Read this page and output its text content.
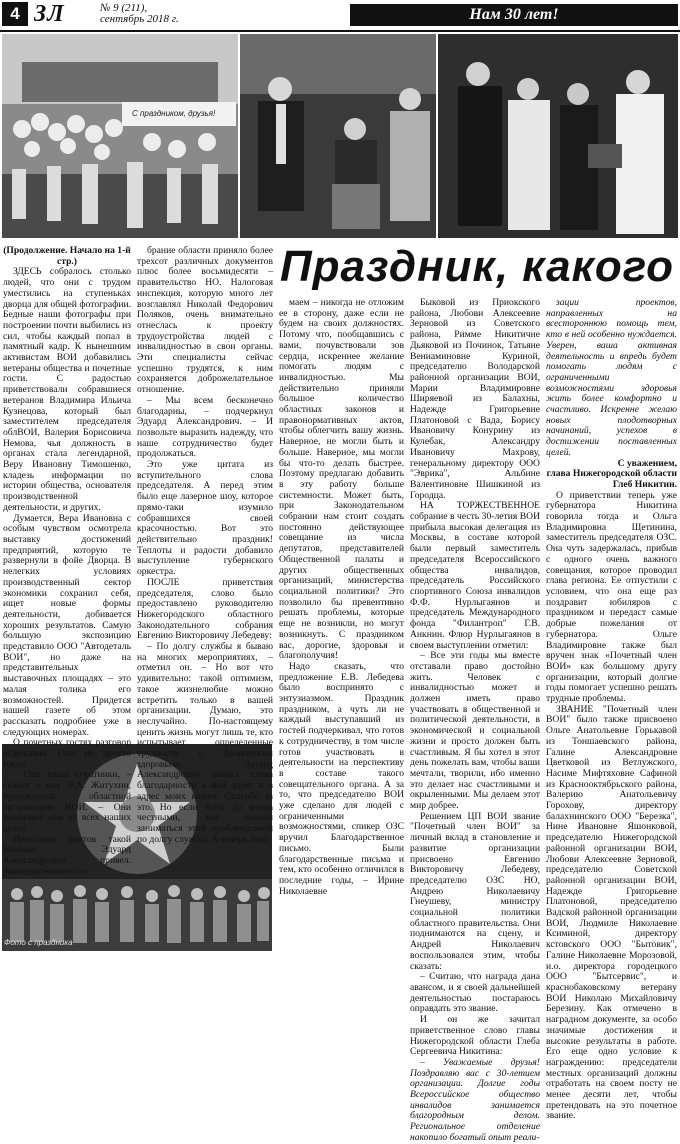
4 ЗЛ	№ 9 (211),
сентябрь 2018 г.	Нам 30 лет!
С праздником, друзья!
Праздник, какого

(Продолжение. Начало на 1-й стр.)

ЗДЕСЬ собралось столько людей, что они с трудом уместились на ступеньках дворца для общей фотографии. Бедные наши фотографы при построении почти выбились из сил, чтобы каждый попал в памятный кадр. К нынешним активистам ВОИ добавились ветераны общества и почетные гости. С радостью приветствовали собравшиеся ветеранов Владимира Ильича Кузнецова, который был заместителем председателя облВОИ, Валерия Борисовича Немова, чья должность в органах стала легендарной, Веру Ивановну Тимошенко, кладезь информации по истории общества, основателя производственной деятельности, и других.

Думается, Вера Ивановна с особым чувством осмотрела выставку достижений предприятий, которую те развернули в фойе Дворца. В нелегких условиях производственный сектор экономики сохранил себя, ищет новые формы деятельности, добивается хороших результатов. Самую большую экспозицию представило ООО "Автодеталь ВОИ", но даже на представительных выставочных площадях – это малая толика его возможностей. Придется нашей газете об этом рассказать подробнее уже в следующих номерах.

О почетных гостях разговор отдельный. Они не просто гости.

– Они наши соратники, – сказал о них Э.А. Житухин, председатель областной организации ВОИ. – Они помогают нам во всех наших делах.

Несколько фактов такой помощи Эдуард Александрович привел. Законодательное со-

брание области приняло более трехсот различных документов плюс более восьмидесяти – правительство НО. Налоговая инспекция, которую много лет возглавлял Николай Федорович Поляков, очень внимательно отнеслась к проекту трудоустройства людей с инвалидностью в свои органы. Эти специалисты сейчас успешно трудятся, к ним сохраняется доброжелательное отношение.

– Мы всем бесконечно благодарны, – подчеркнул Эдуард Александрович. – И позвольте выразить надежду, что наше сотрудничество будет продолжаться.

Это уже цитата из вступительного слова председателя. А перед этим было еще лазерное шоу, которое прямо-таки изумило собравшихся своей красочностью. Вот это действительно праздник! Теплоты и радости добавило выступление губернского оркестра.

ПОСЛЕ приветствия председателя, слово было предоставлено руководителю Нижегородского областного Законодательного собрания Евгению Викторовичу Лебедеву:

– По долгу службы я бываю на многих мероприятиях, – отметил он. – Но вот что удивительно: такой оптимизм, такое жизнелюбие можно встретить только в вашей организации. Думаю, это неслучайно. По-настоящему ценить жизнь могут лишь те, кто испытывает определенные трудности с физическим здоровьем. Эдуард Александрович сказал слова благодарности в мой адрес и в адрес моих коллег. Спасибо за это. Но если быть до конца честными, мы начали заниматься этой проблематикой по долгу службы. А теперь поні-

маем – никогда не отложим ее в сторону, даже если не будем на своих должностях. Потому что, пообщавшись с вами, почувствовали зов сердца, искреннее желание помогать людям с инвалидностью. Мы действительно приняли большое количество областных законов и правонормативных актов, чтобы облегчить вашу жизнь. Наверное, не могли быть и больше. Наверное, мы могли бы что-то делать быстрее. Поэтому предлагаю добавить в эту работу больше системности. Может быть, при Законодательном собрании нам стоит создать постоянно действующее совещание из числа депутатов, представителей Общественной палаты и других общественных организаций, министерства социальной политики? Это позволило бы превентивно решать проблемы, которые еще не возникли, но могут возникнуть. С праздником вас, дорогие, здоровья и благополучия!

Надо сказать, что предложение Е.В. Лебедева было воспринято с энтузиазмом. Праздник праздником, а чуть ли не каждый выступавший из гостей подчеркивал, что готов к сотрудничеству, в том числе готов участвовать в деятельности на перспективу в составе такого совещательного органа. А за то, что председателю ВОИ уже сделано для людей с ограниченными возможностями, спикер ОЗС вручил Благодарственное письмо. Были благодарственные письма и тем, кто особенно отличился в последние годы, – Ирине Николаевне

Быковой из Приокского района, Любови Алексеевне Зерновой из Советского района, Римме Никитичне Дьяковой из Починок, Татьяне Вениаминовне Куриной, председателю Володарской районной организации ВОИ, Марии Владимировне Ширяевой из Балахны, Надежде Григорьевне Платоновой с Вада, Борису Ивановичу Конурину из Кулебак, Александру Ивановичу Махрову, генеральному директору ООО "Эврика", Альбине Валентиновне Шишкиной из Городца.

НА ТОРЖЕСТВЕННОЕ собрание в честь 30-летия ВОИ прибыла высокая делегация из Москвы, в составе которой были первый заместитель председателя Всероссийского общества инвалидов, председатель Российского спортивного Союза инвалидов Ф.Ф. Нурлыгаянов и председатель Международного фонда "Филантроп" Г.В. Анкнин. Флюр Нурлыгаянов в своем выступлении отметил:

– Все эти годы мы вместе отставали право достойно жить. Человек с инвалидностью может и должен иметь право участвовать в общественной и политической деятельности, в экономической и социальной жизни и просто должен быть счастливым. Я бы хотел в этот день пожелать вам, чтобы ваши мечтали, творили, ибо именно это делает нас счастливыми и окрыленными. Мы делаем этот мир добрее.

Решением ЦП ВОИ звание "Почетный член ВОИ" за личный вклад в становление и развитие организации присвоено Евгению Викторовичу Лебедеву, председателю ОЗС НО, Андрею Николаевичу Гнеушеву, министру социальной политики областного правительства. Они поднимаются на сцену, и Андрей Николаевич воспользовался этим, чтобы сказать:

– Считаю, что награда дана авансом, и я своей дальнейшей деятельностью постараюсь оправдать это звание.

И он же зачитал приветственное слово главы Нижегородской области Глеба Сергеевича Никитина:

– Уважаемые друзья! Поздравляю вас с 30-летием организации. Долгие годы Всероссийское общество инвалидов занимается благородным делом. Региональное отделение накопило богатый опыт реали-

зации проектов, направленных на всестороннюю помощь тем, кто в ней особенно нуждается. Уверен, ваша активная деятельность и впредь будет помогать людям с ограниченными возможностями здоровья жить более комфортно и счастливо. Искренне желаю новых плодотворных начинаний, успехов в достижении поставленных целей.

С уважением,

глава Нижегородской области Глеб Никитин.

О приветствии теперь уже губернатора Никитина говорила тогда и Ольга Владимировна Щетинина, заместитель председателя ОЗС. Она чуть задержалась, прибыв с одного очень важного совещания, которое проводил глава региона. Ее отпустили с условием, что она еще раз поздравит юбиляров с праздником и передаст самые добрые пожелания от губернатора. Ольге Владимировне также был вручен знак «Почетный член ВОИ» как большому другу организации, который долгие годы помогает успешно решать трудные проблемы.

ЗВАНИЕ "Почетный член ВОИ" было также присвоено Ольге Анатольевне Горькавой из Тоншаевского района, Галине Александровне Цветковой из Ветлужского, Насиме Мифтяховне Сафиной из Краснооктябрьского района, Валерию Анатольевичу Горохову, директору балахнинского ООО "Березка", Нине Ивановне Яшонковой, председателю Нижегородской районной организации ВОИ, Любови Алексеевне Зерновой, председателю Советской районной организации ВОИ, Надежде Григорьевне Платоновой, председателю Вадской районной организации ВОИ, Людмиле Николаевне Ксиминой, директору кстовского ООО "Бытовик", Галине Николаевне Морозовой, и.о. директора городецкого ООО "Бытсервис", и краснобаковскому ветерану ВОИ Николаю Михайловичу Березину. Как отмечено в наградном документе, за особо значимые достижения и высокие результаты в работе. Его еще одно условие к награждению: председатели местных организаций должны отработать на своем посту не менее десяти лет, чтобы претендовать на это почетное звание.

Фото с праздника
